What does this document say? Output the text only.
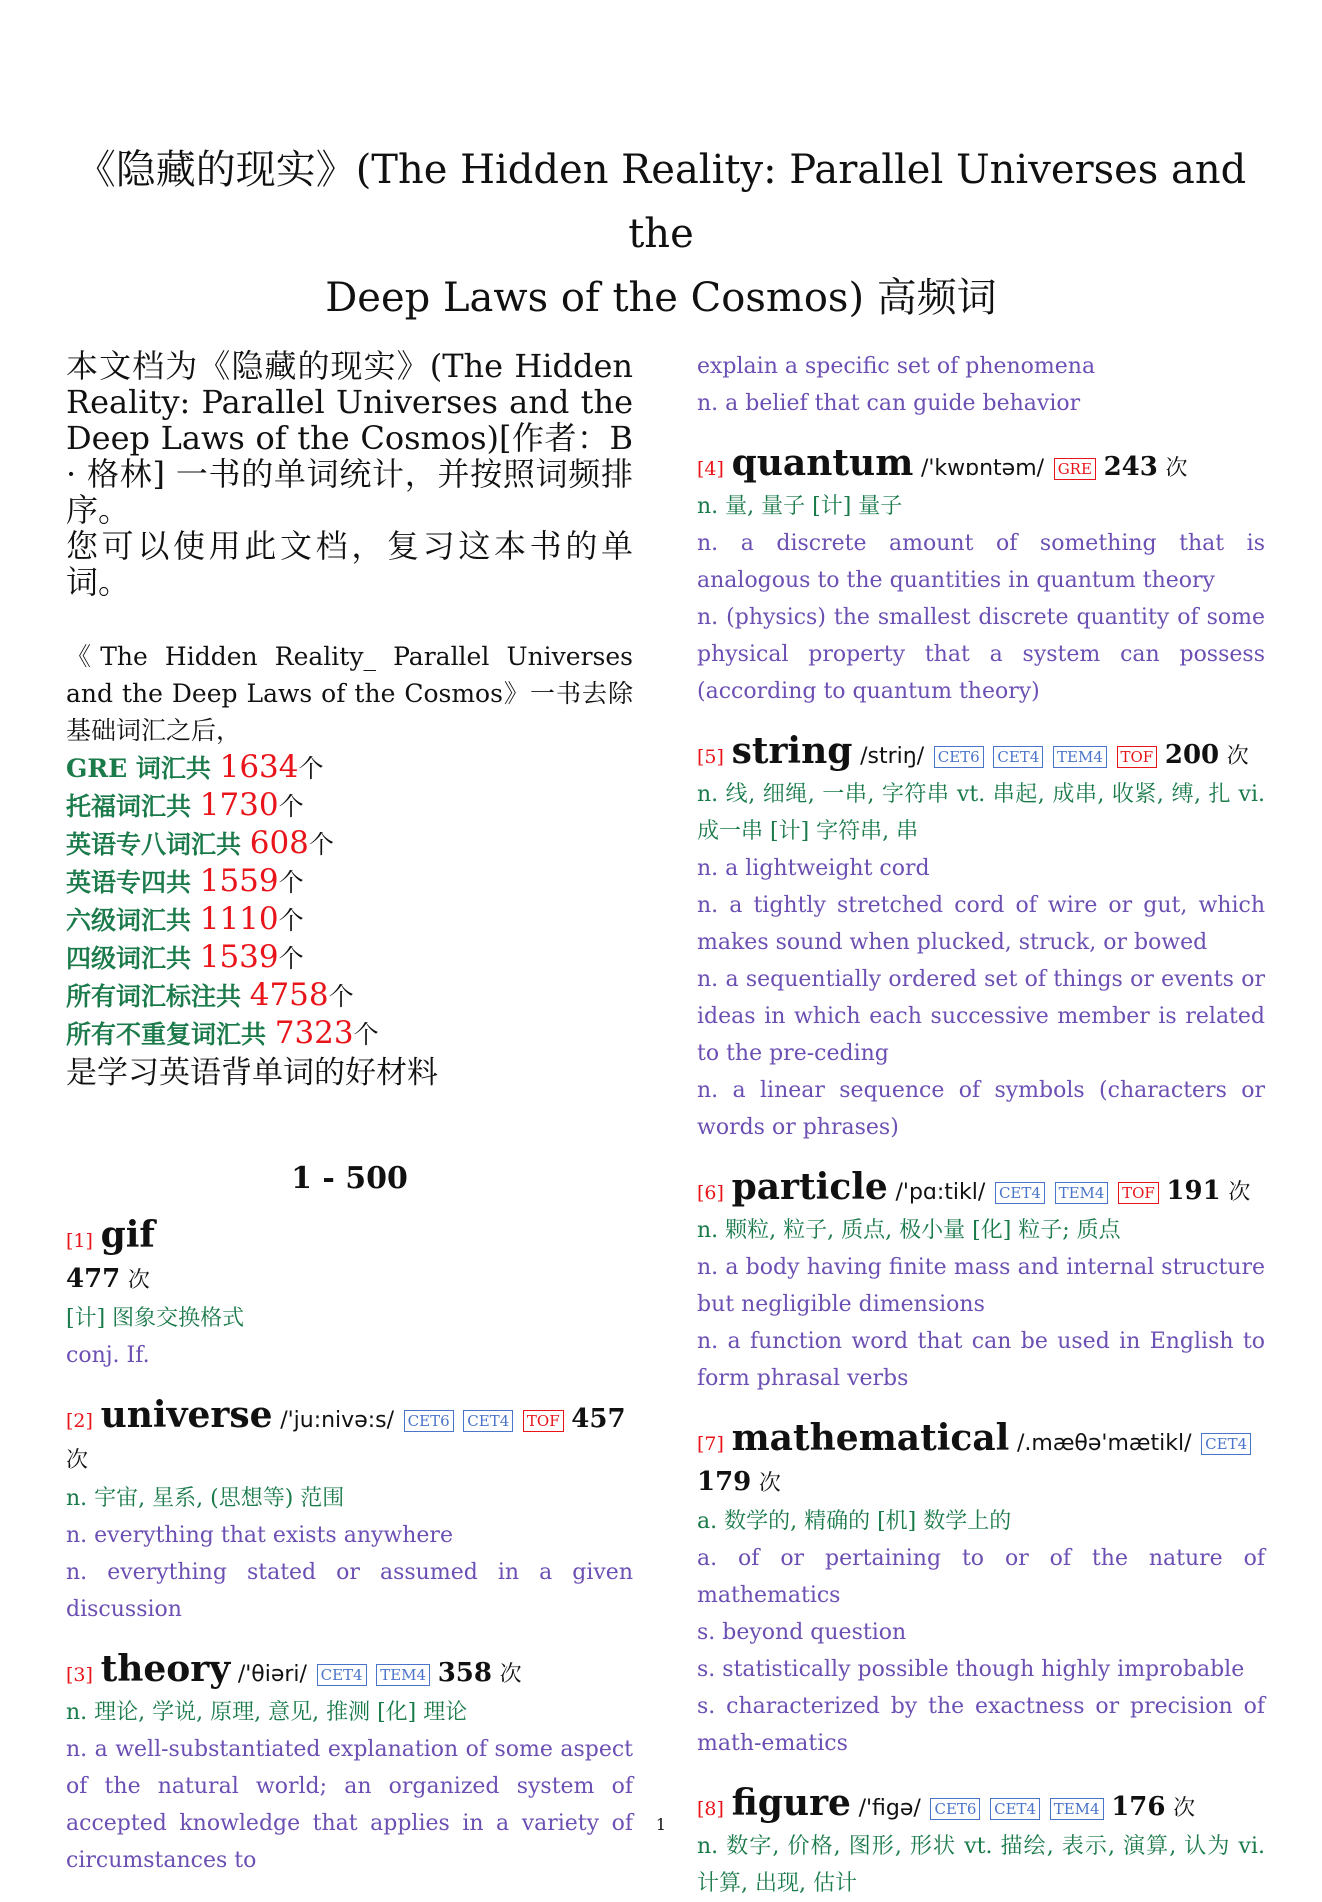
《隐藏的现实》(The Hidden Reality: Parallel Universes and the
Deep Laws of the Cosmos) 高频词

本文档为《隐藏的现实》(The Hidden Reality: Parallel Universes and the Deep Laws of the Cosmos)[作者：B · 格林] 一书的单词统计，并按照词频排序。

您可以使用此文档，复习这本书的单词。

《The Hidden Reality_ Parallel Universes and the Deep Laws of the Cosmos》一书去除基础词汇之后，

GRE 词汇共 1634个
托福词汇共 1730个
英语专八词汇共 608个
英语专四共 1559个
六级词汇共 1110个
四级词汇共 1539个
所有词汇标注共 4758个
所有不重复词汇共 7323个

是学习英语背单词的好材料

1 - 500
[1] gif
477 次

[计] 图象交换格式

conj. If.

[2] universe /'ju:nivə:s/ CET6 CET4 TOF 457 次

n. 宇宙, 星系, (思想等) 范围

n. everything that exists anywhere

n. everything stated or assumed in a given discussion

[3] theory /'θiəri/ CET4 TEM4 358 次

n. 理论, 学说, 原理, 意见, 推测 [化] 理论

n. a well-substantiated explanation of some aspect of the natural world; an organized system of accepted knowledge that applies in a variety of circumstances to

explain a specific set of phenomena

n. a belief that can guide behavior

[4] quantum /'kwɒntəm/ GRE 243 次

n. 量, 量子 [计] 量子

n. a discrete amount of something that is analogous to the quantities in quantum theory

n. (physics) the smallest discrete quantity of some physical property that a system can possess (according to quantum theory)

[5] string /striŋ/ CET6 CET4 TEM4 TOF 200 次

n. 线, 细绳, 一串, 字符串 vt. 串起, 成串, 收紧, 缚, 扎 vi. 成一串 [计] 字符串, 串

n. a lightweight cord

n. a tightly stretched cord of wire or gut, which makes sound when plucked, struck, or bowed

n. a sequentially ordered set of things or events or ideas in which each successive member is related to the pre-ceding

n. a linear sequence of symbols (characters or words or phrases)

[6] particle /'pɑ:tikl/ CET4 TEM4 TOF 191 次

n. 颗粒, 粒子, 质点, 极小量 [化] 粒子; 质点

n. a body having finite mass and internal structure but negligible dimensions

n. a function word that can be used in English to form phrasal verbs

[7] mathematical /.mæθə'mætikl/ CET4 179 次

a. 数学的, 精确的 [机] 数学上的

a. of or pertaining to or of the nature of mathematics

s. beyond question

s. statistically possible though highly improbable

s. characterized by the exactness or precision of math-ematics

[8] figure /'figə/ CET6 CET4 TEM4 176 次

n. 数字, 价格, 图形, 形状 vt. 描绘, 表示, 演算, 认为 vi. 计算, 出现, 估计

1
